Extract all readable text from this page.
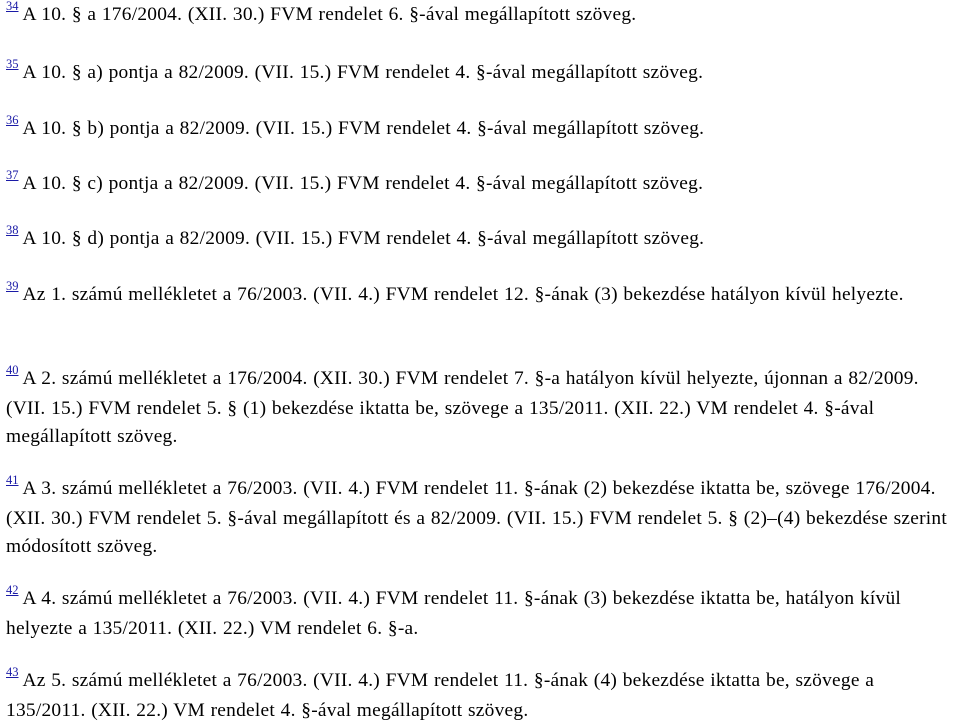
$^{34}$ A 10. § a 176/2004. (XII. 30.) FVM rendelet 6. §-ával megállapított szöveg.
$^{35}$ A 10. § a) pontja a 82/2009. (VII. 15.) FVM rendelet 4. §-ával megállapított szöveg.
$^{36}$ A 10. § b) pontja a 82/2009. (VII. 15.) FVM rendelet 4. §-ával megállapított szöveg.
$^{37}$ A 10. § c) pontja a 82/2009. (VII. 15.) FVM rendelet 4. §-ával megállapított szöveg.
$^{38}$ A 10. § d) pontja a 82/2009. (VII. 15.) FVM rendelet 4. §-ával megállapított szöveg.
$^{39}$ Az 1. számú mellékletet a 76/2003. (VII. 4.) FVM rendelet 12. §-ának (3) bekezdése hatályon kívül helyezte.
$^{40}$ A 2. számú mellékletet a 176/2004. (XII. 30.) FVM rendelet 7. §-a hatályon kívül helyezte, újonnan a 82/2009. (VII. 15.) FVM rendelet 5. § (1) bekezdése iktatta be, szövege a 135/2011. (XII. 22.) VM rendelet 4. §-ával megállapított szöveg.
$^{41}$ A 3. számú mellékletet a 76/2003. (VII. 4.) FVM rendelet 11. §-ának (2) bekezdése iktatta be, szövege 176/2004. (XII. 30.) FVM rendelet 5. §-ával megállapított és a 82/2009. (VII. 15.) FVM rendelet 5. § (2)–(4) bekezdése szerint módosított szöveg.
$^{42}$ A 4. számú mellékletet a 76/2003. (VII. 4.) FVM rendelet 11. §-ának (3) bekezdése iktatta be, hatályon kívül helyezte a 135/2011. (XII. 22.) VM rendelet 6. §-a.
$^{43}$ Az 5. számú mellékletet a 76/2003. (VII. 4.) FVM rendelet 11. §-ának (4) bekezdése iktatta be, szövege a 135/2011. (XII. 22.) VM rendelet 4. §-ával megállapított szöveg.
